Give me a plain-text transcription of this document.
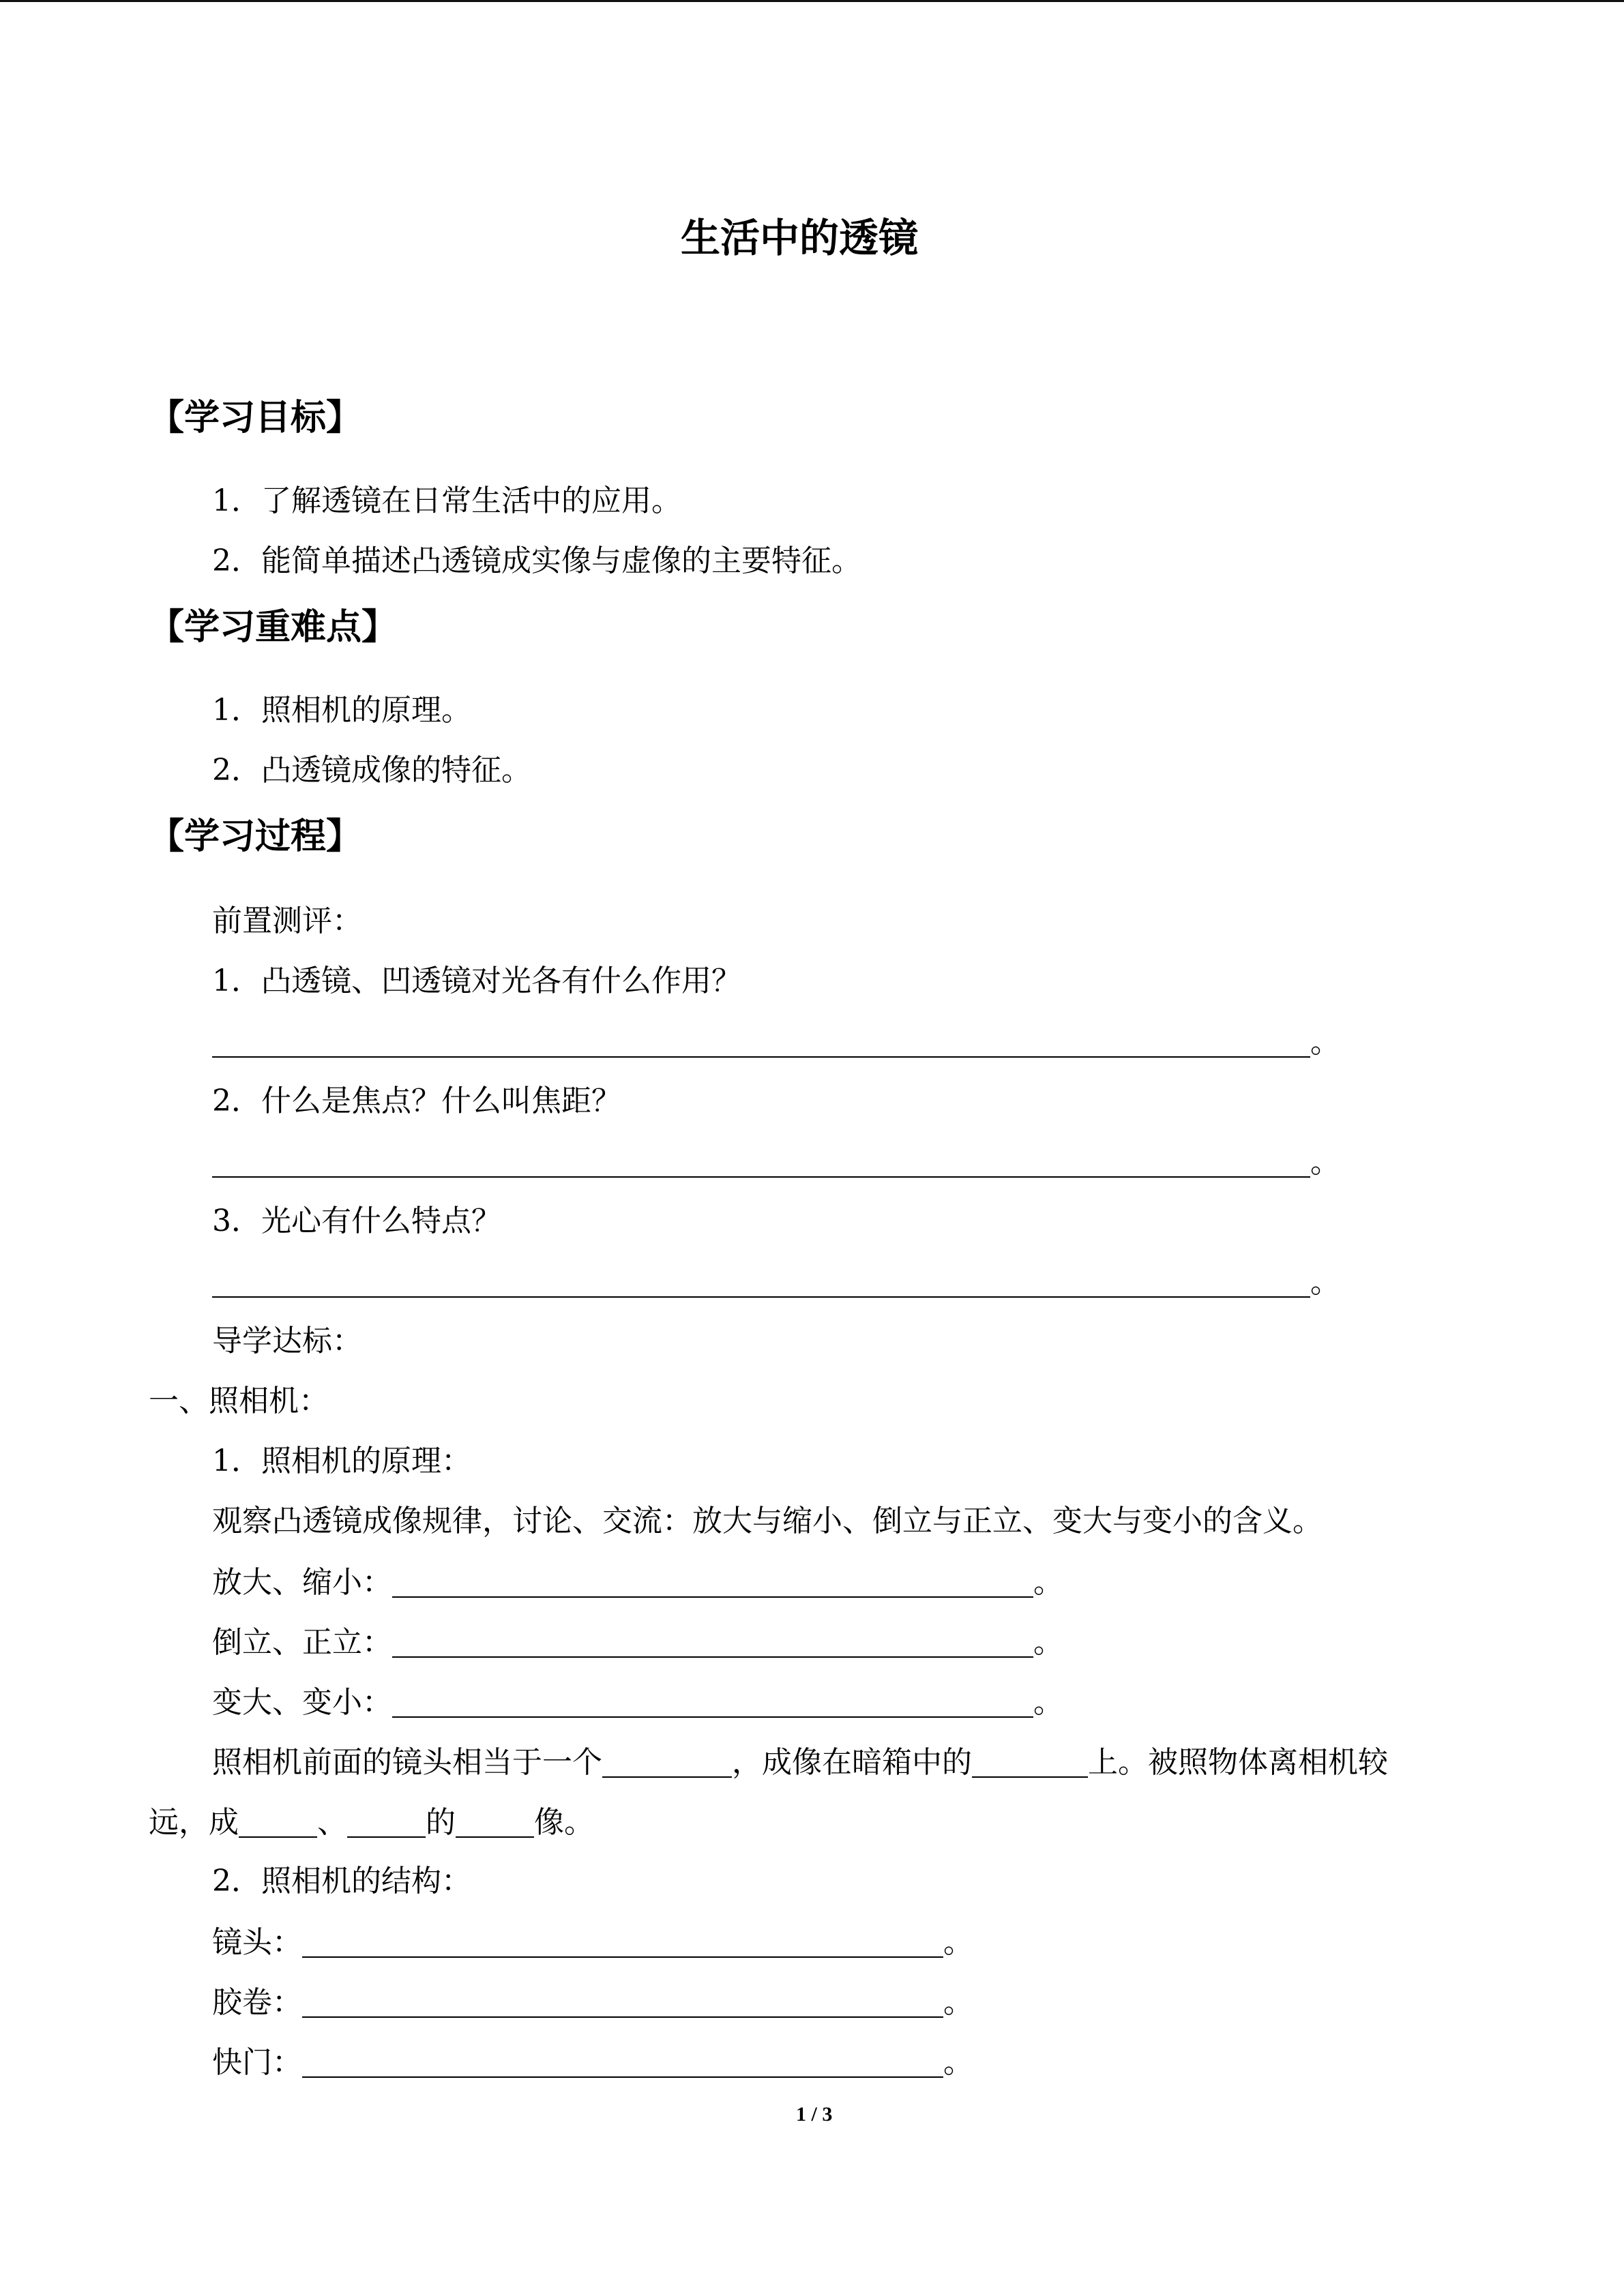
生活中的透镜
【学习目标】
1．了解透镜在日常生活中的应用。
2．能简单描述凸透镜成实像与虚像的主要特征。
【学习重难点】
1．照相机的原理。
2．凸透镜成像的特征。
【学习过程】
前置测评：
1．凸透镜、凹透镜对光各有什么作用？
。
2．什么是焦点？什么叫焦距？
。
3．光心有什么特点？
。
导学达标：
一、照相机：
1．照相机的原理：
观察凸透镜成像规律，讨论、交流：放大与缩小、倒立与正立、变大与变小的含义。
放大、缩小：	。
倒立、正立：	。
变大、变小：	。
照相机前面的镜头相当于一个	，成像在暗箱中的	上。被照物体离相机较
远，成	、	的	像。
2．照相机的结构：
镜头：	。
胶卷：	。
快门：	。
1 / 3
